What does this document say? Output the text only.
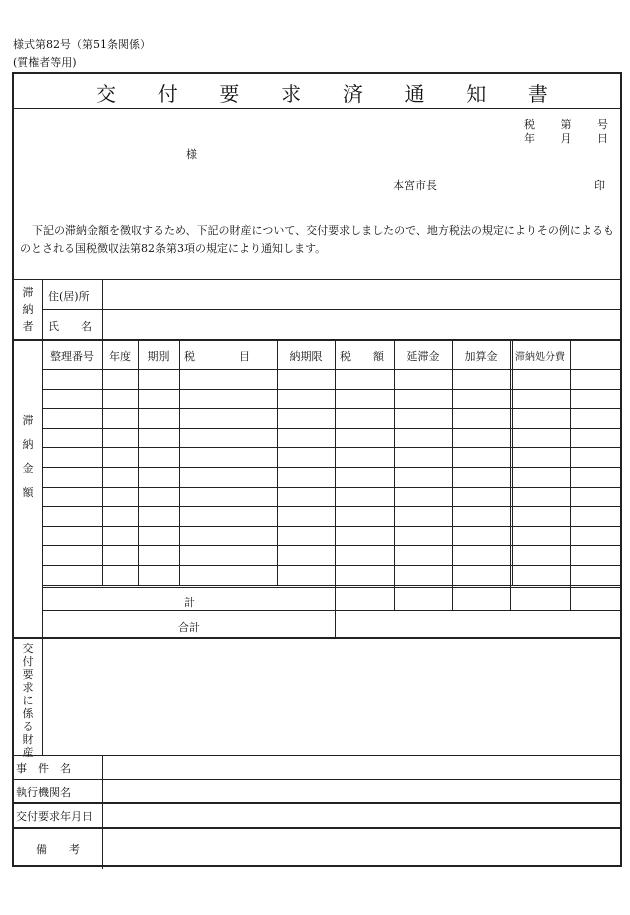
様式第82号（第51条関係）
(質権者等用)
交 付 要 求 済 通 知 書
税 第 号
年 月 日
様
本宮市長	印
下記の滞納金額を徴収するため、下記の財産について、交付要求しましたので、地方税法の規定によりその例によるものとされる国税徴収法第82条第3項の規定により通知します。
滞納者
住(居)所
氏　　名
滞納金額
整理番号	年度	期別	税　　　　目	納期限	税　　額	延滞金	加算金	滞納処分費
計
合計
交付要求に係る財産
事　件　名
執行機関名
交付要求年月日
備　　考
